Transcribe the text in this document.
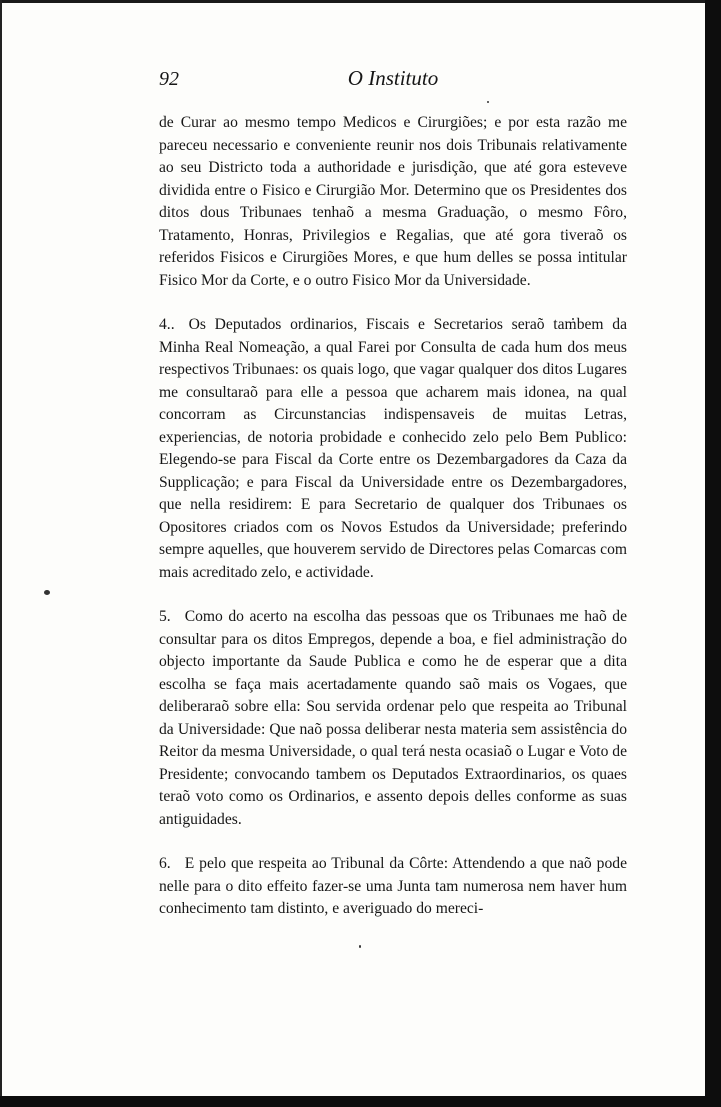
92	O Instituto

de Curar ao mesmo tempo Medicos e Cirurgiões; e por esta razão me pareceu necessario e conveniente reunir nos dois Tribunais relativamente ao seu Districto toda a authoridade e jurisdição, que até gora esteveve dividida entre o Fisico e Cirurgião Mor. Determino que os Presidentes dos ditos dous Tribunaes tenhaõ a mesma Graduação, o mesmo Fôro, Tratamento, Honras, Privilegios e Regalias, que até gora tiveraõ os referidos Fisicos e Cirurgiões Mores, e que hum delles se possa intitular Fisico Mor da Corte, e o outro Fisico Mor da Universidade.

4.. Os Deputados ordinarios, Fiscais e Secretarios seraõ tambem da Minha Real Nomeação, a qual Farei por Consulta de cada hum dos meus respectivos Tribunaes: os quais logo, que vagar qualquer dos ditos Lugares me consultaraõ para elle a pessoa que acharem mais idonea, na qual concorram as Circunstancias indispensaveis de muitas Letras, experiencias, de notoria probidade e conhecido zelo pelo Bem Publico: Elegendo-se para Fiscal da Corte entre os Dezembargadores da Caza da Supplicação; e para Fiscal da Universidade entre os Dezembargadores, que nella residirem: E para Secretario de qualquer dos Tribunaes os Opositores criados com os Novos Estudos da Universidade; preferindo sempre aquelles, que houverem servido de Directores pelas Comarcas com mais acreditado zelo, e actividade.

5. Como do acerto na escolha das pessoas que os Tribunaes me haõ de consultar para os ditos Empregos, depende a boa, e fiel administração do objecto importante da Saude Publica e como he de esperar que a dita escolha se faça mais acertadamente quando saõ mais os Vogaes, que deliberaraõ sobre ella: Sou servida ordenar pelo que respeita ao Tribunal da Universidade: Que naõ possa deliberar nesta materia sem assistência do Reitor da mesma Universidade, o qual terá nesta ocasiaõ o Lugar e Voto de Presidente; convocando tambem os Deputados Extraordinarios, os quaes teraõ voto como os Ordinarios, e assento depois delles conforme as suas antiguidades.

6. E pelo que respeita ao Tribunal da Côrte: Attendendo a que naõ pode nelle para o dito effeito fazer-se uma Junta tam numerosa nem haver hum conhecimento tam distinto, e averiguado do mereci-
